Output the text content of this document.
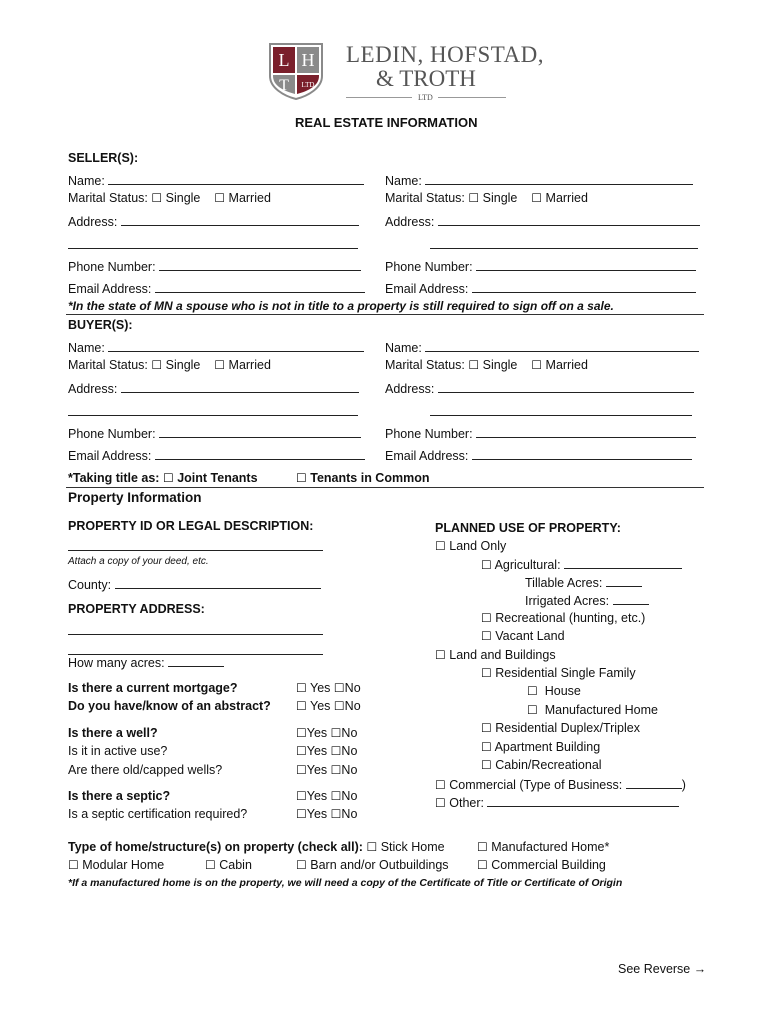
L H
T LTD
LEDIN, HOFSTAD,
& TROTH
LTD
REAL ESTATE INFORMATION
SELLER(S):
Name:	Name:
Marital Status: ☐ Single ☐ Married	Marital Status: ☐ Single ☐ Married
Address:	Address:
Phone Number:	Phone Number:
Email Address:	Email Address:
*In the state of MN a spouse who is not in title to a property is still required to sign off on a sale.
BUYER(S):
Name:	Name:
Marital Status: ☐ Single ☐ Married	Marital Status: ☐ Single ☐ Married
Address:	Address:
Phone Number:	Phone Number:
Email Address:	Email Address:
*Taking title as: ☐ Joint Tenants	☐ Tenants in Common
Property Information
PROPERTY ID OR LEGAL DESCRIPTION:
Attach a copy of your deed, etc.
County:
PROPERTY ADDRESS:
How many acres:
Is there a current mortgage?	☐ Yes ☐No
Do you have/know of an abstract? ☐ Yes ☐No
Is there a well?	☐Yes ☐No
Is it in active use?	☐Yes ☐No
Are there old/capped wells?	☐Yes ☐No
Is there a septic?	☐Yes ☐No
Is a septic certification required?	☐Yes ☐No
PLANNED USE OF PROPERTY:
☐ Land Only
☐ Agricultural:
Tillable Acres:
Irrigated Acres:
☐ Recreational (hunting, etc.)
☐ Vacant Land
☐ Land and Buildings
☐ Residential Single Family
☐ House
☐ Manufactured Home
☐ Residential Duplex/Triplex
☐ Apartment Building
☐ Cabin/Recreational
☐ Commercial (Type of Business:	)
☐ Other:
Type of home/structure(s) on property (check all): ☐ Stick Home	☐ Manufactured Home*
☐ Modular Home	☐ Cabin	☐ Barn and/or Outbuildings ☐ Commercial Building
*If a manufactured home is on the property, we will need a copy of the Certificate of Title or Certificate of Origin
See Reverse →
